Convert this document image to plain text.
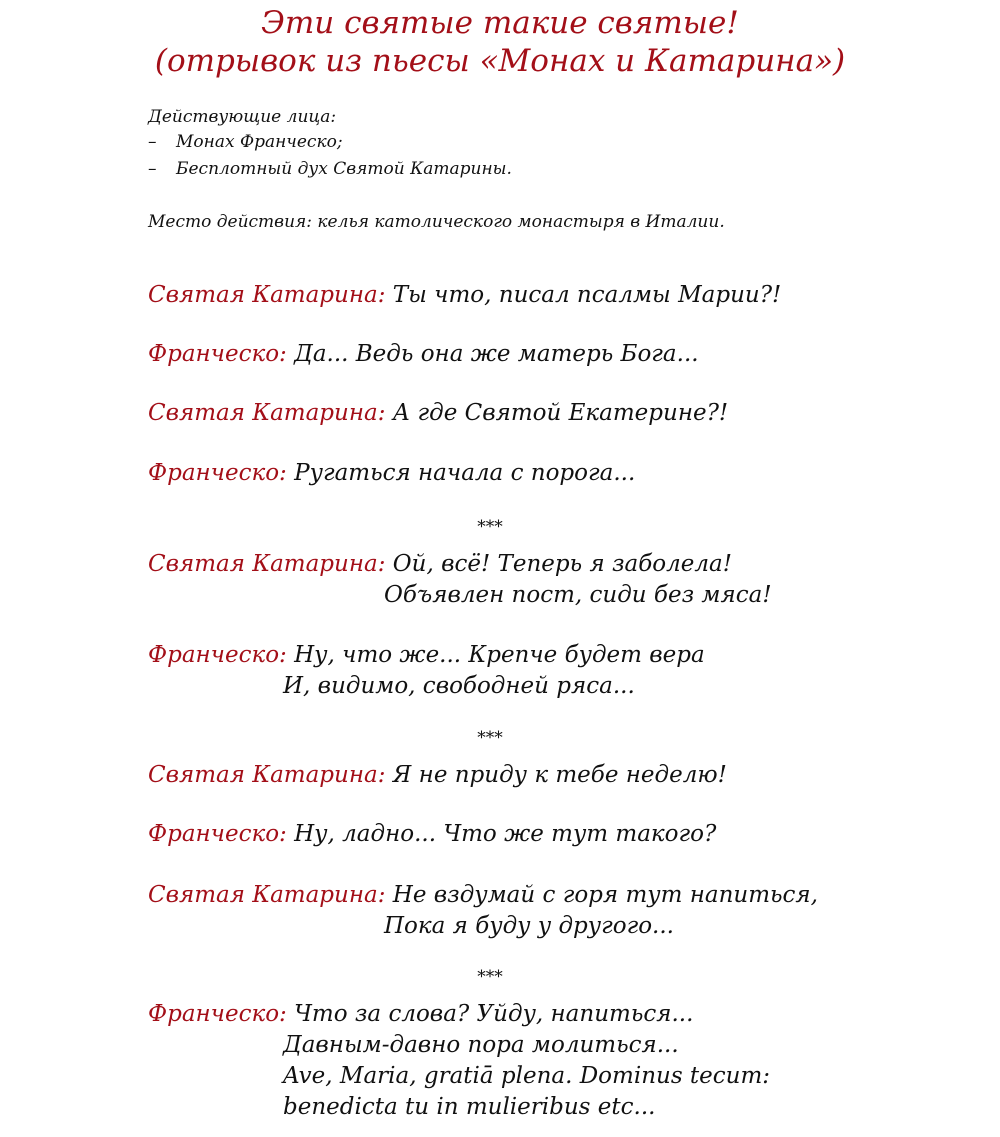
Эти святые такие святые!
(отрывок из пьесы «Монах и Катарина»)
Действующие лица:
– Монах Франческо;
– Бесплотный дух Святой Катарины.
Место действия: келья католического монастыря в Италии.
Святая Катарина: Ты что, писал псалмы Марии?!
Франческо: Да... Ведь она же матерь Бога...
Святая Катарина: А где Святой Екатерине?!
Франческо: Ругаться начала с порога...
***
Святая Катарина: Ой, всё! Теперь я заболела!
Объявлен пост, сиди без мяса!
Франческо: Ну, что же... Крепче будет вера
И, видимо, свободней ряса...
***
Святая Катарина: Я не приду к тебе неделю!
Франческо: Ну, ладно... Что же тут такого?
Святая Катарина: Не вздумай с горя тут напиться,
Пока я буду у другого...
***
Франческо: Что за слова? Уйду, напиться...
Давным-давно пора молиться...
Ave, Maria, gratiā plena. Dominus tecum:
benedicta tu in mulieribus etc...
